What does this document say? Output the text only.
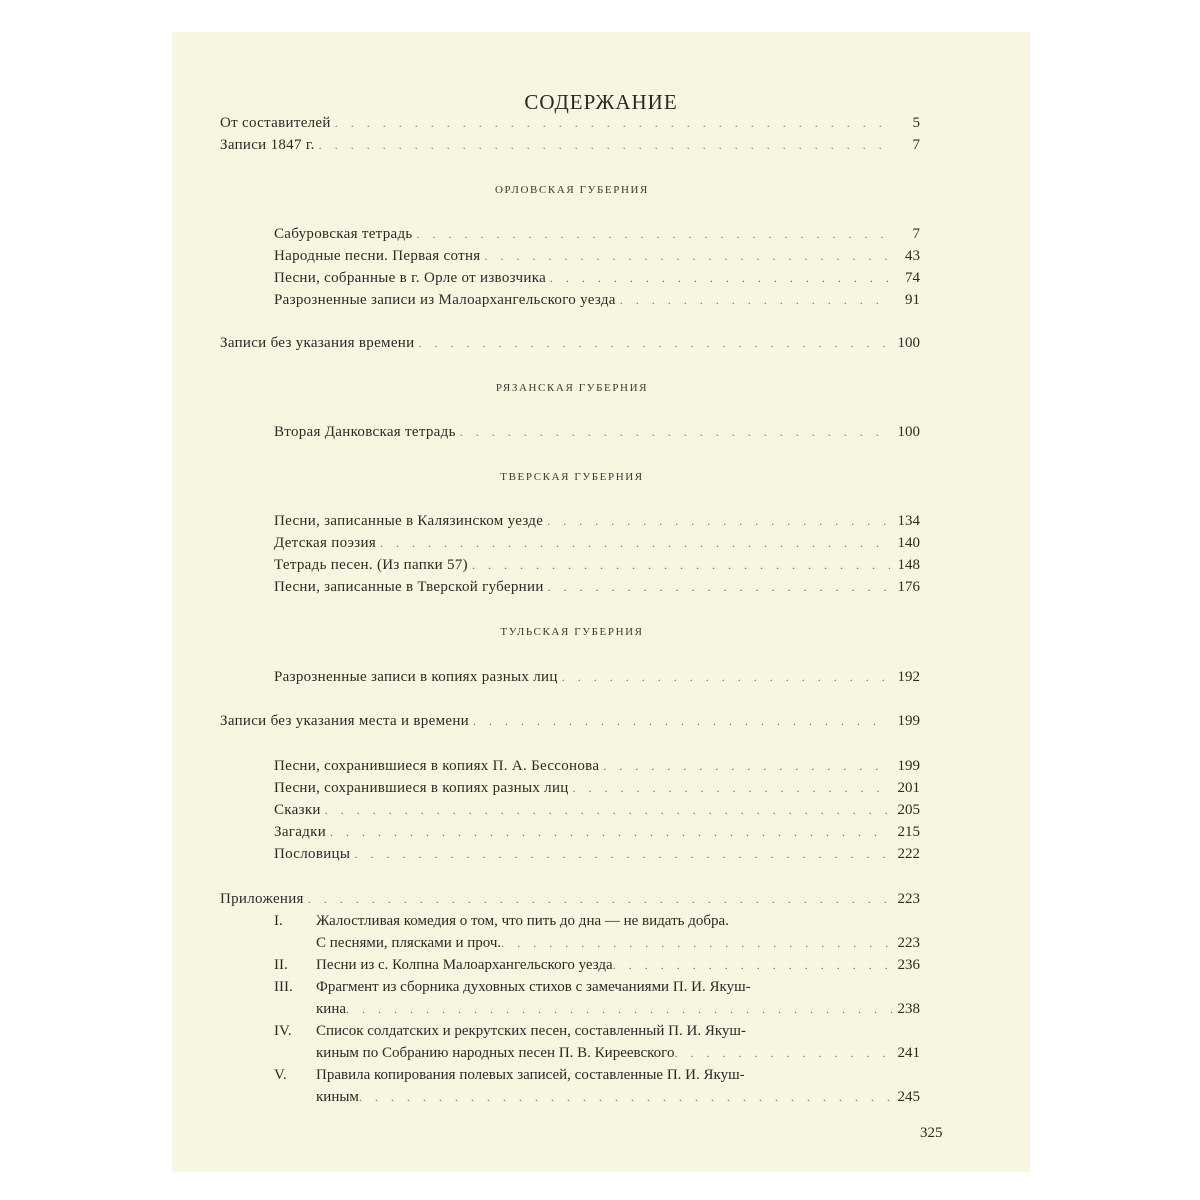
СОДЕРЖАНИЕ
От составителей . . .	5
Записи 1847 г. . . .	7
ОРЛОВСКАЯ ГУБЕРНИЯ
Сабуровская тетрадь . . .	7
Народные песни. Первая сотня . . .	43
Песни, собранные в г. Орле от извозчика . . .	74
Разрозненные записи из Малоархангельского уезда . . .	91
Записи без указания времени . . .	100
РЯЗАНСКАЯ ГУБЕРНИЯ
Вторая Данковская тетрадь . . .	100
ТВЕРСКАЯ ГУБЕРНИЯ
Песни, записанные в Калязинском уезде . . .	134
Детская поэзия . . .	140
Тетрадь песен. (Из папки 57) . . .	148
Песни, записанные в Тверской губернии . . .	176
ТУЛЬСКАЯ ГУБЕРНИЯ
Разрозненные записи в копиях разных лиц . . .	192
Записи без указания места и времени . . .	199
Песни, сохранившиеся в копиях П. А. Бессонова . . .	199
Песни, сохранившиеся в копиях разных лиц . . .	201
Сказки . . .	205
Загадки . . .	215
Пословицы . . .	222
Приложения . . .	223
I. Жалостливая комедия о том, что пить до дна — не видать добра.
С песнями, плясками и проч. . . .	223
II. Песни из с. Колпна Малоархангельского уезда . . .	236
III. Фрагмент из сборника духовных стихов с замечаниями П. И. Якуш-
кина . . .	238
IV. Список солдатских и рекрутских песен, составленный П. И. Якуш-
киным по Собранию народных песен П. В. Киреевского . . .	241
V. Правила копирования полевых записей, составленные П. И. Якуш-
киным . . .	245
325
